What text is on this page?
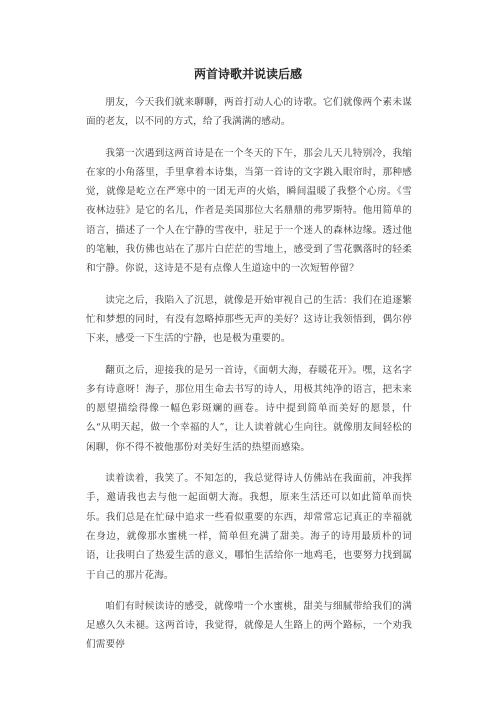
两首诗歌并说读后感

朋友，今天我们就来聊聊，两首打动人心的诗歌。它们就像两个素未谋面的老友，以不同的方式，给了我满满的感动。

我第一次遇到这两首诗是在一个冬天的下午，那会儿天儿特别冷，我缩在家的小角落里，手里拿着本诗集，当第一首诗的文字跳入眼帘时，那种感觉，就像是屹立在严寒中的一团无声的火焰，瞬间温暖了我整个心房。《雪夜林边驻》是它的名儿，作者是美国那位大名鼎鼎的弗罗斯特。他用简单的语言，描述了一个人在宁静的雪夜中，驻足于一个迷人的森林边缘。透过他的笔触，我仿佛也站在了那片白茫茫的雪地上，感受到了雪花飘落时的轻柔和宁静。你说，这诗是不是有点像人生道途中的一次短暂停留？

读完之后，我陷入了沉思，就像是开始审视自己的生活：我们在追逐繁忙和梦想的同时，有没有忽略掉那些无声的美好？这诗让我领悟到，偶尔停下来，感受一下生活的宁静，也是极为重要的。

翻页之后，迎接我的是另一首诗，《面朝大海，春暖花开》。嘿，这名字多有诗意呀！海子，那位用生命去书写的诗人，用极其纯净的语言，把未来的愿望描绘得像一幅色彩斑斓的画卷。诗中提到简单而美好的愿景，什么“从明天起，做一个幸福的人”，让人读着就心生向往。就像朋友间轻松的闲聊，你不得不被他那份对美好生活的热望而感染。

读着读着，我笑了。不知怎的，我总觉得诗人仿佛站在我面前，冲我挥手，邀请我也去与他一起面朝大海。我想，原来生活还可以如此简单而快乐。我们总是在忙碌中追求一些看似重要的东西，却常常忘记真正的幸福就在身边，就像那水蜜桃一样，简单但充满了甜美。海子的诗用最质朴的词语，让我明白了热爱生活的意义，哪怕生活给你一地鸡毛，也要努力找到属于自己的那片花海。

咱们有时候读诗的感受，就像啃一个水蜜桃，甜美与细腻带给我们的满足感久久未褪。这两首诗，我觉得，就像是人生路上的两个路标，一个劝我们需要停
